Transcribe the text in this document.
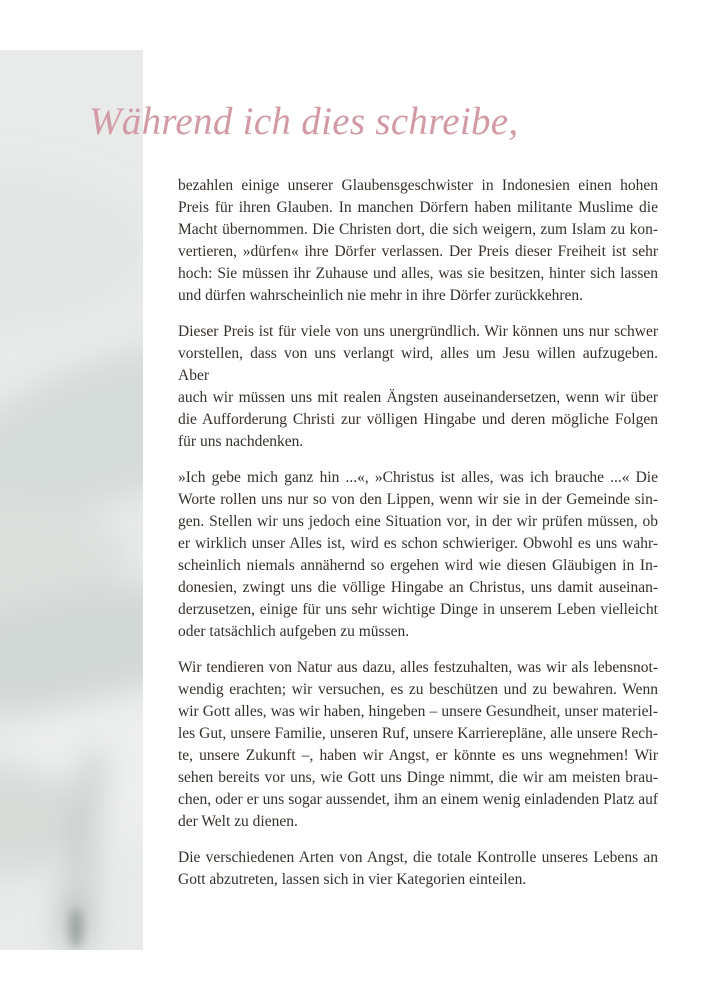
Während ich dies schreibe,
bezahlen einige unserer Glaubensgeschwister in Indonesien einen hohen
Preis für ihren Glauben. In manchen Dörfern haben militante Muslime die
Macht übernommen. Die Christen dort, die sich weigern, zum Islam zu kon-
vertieren, »dürfen« ihre Dörfer verlassen. Der Preis dieser Freiheit ist sehr
hoch: Sie müssen ihr Zuhause und alles, was sie besitzen, hinter sich lassen
und dürfen wahrscheinlich nie mehr in ihre Dörfer zurückkehren.
Dieser Preis ist für viele von uns unergründlich. Wir können uns nur schwer
vorstellen, dass von uns verlangt wird, alles um Jesu willen aufzugeben. Aber
auch wir müssen uns mit realen Ängsten auseinandersetzen, wenn wir über
die Aufforderung Christi zur völligen Hingabe und deren mögliche Folgen
für uns nachdenken.
»Ich gebe mich ganz hin ...«, »Christus ist alles, was ich brauche ...« Die
Worte rollen uns nur so von den Lippen, wenn wir sie in der Gemeinde sin-
gen. Stellen wir uns jedoch eine Situation vor, in der wir prüfen müssen, ob
er wirklich unser Alles ist, wird es schon schwieriger. Obwohl es uns wahr-
scheinlich niemals annähernd so ergehen wird wie diesen Gläubigen in In-
donesien, zwingt uns die völlige Hingabe an Christus, uns damit auseinan-
derzusetzen, einige für uns sehr wichtige Dinge in unserem Leben vielleicht
oder tatsächlich aufgeben zu müssen.
Wir tendieren von Natur aus dazu, alles festzuhalten, was wir als lebensnot-
wendig erachten; wir versuchen, es zu beschützen und zu bewahren. Wenn
wir Gott alles, was wir haben, hingeben – unsere Gesundheit, unser materiel-
les Gut, unsere Familie, unseren Ruf, unsere Karrierepläne, alle unsere Rech-
te, unsere Zukunft –, haben wir Angst, er könnte es uns wegnehmen! Wir
sehen bereits vor uns, wie Gott uns Dinge nimmt, die wir am meisten brau-
chen, oder er uns sogar aussendet, ihm an einem wenig einladenden Platz auf
der Welt zu dienen.
Die verschiedenen Arten von Angst, die totale Kontrolle unseres Lebens an
Gott abzutreten, lassen sich in vier Kategorien einteilen.
